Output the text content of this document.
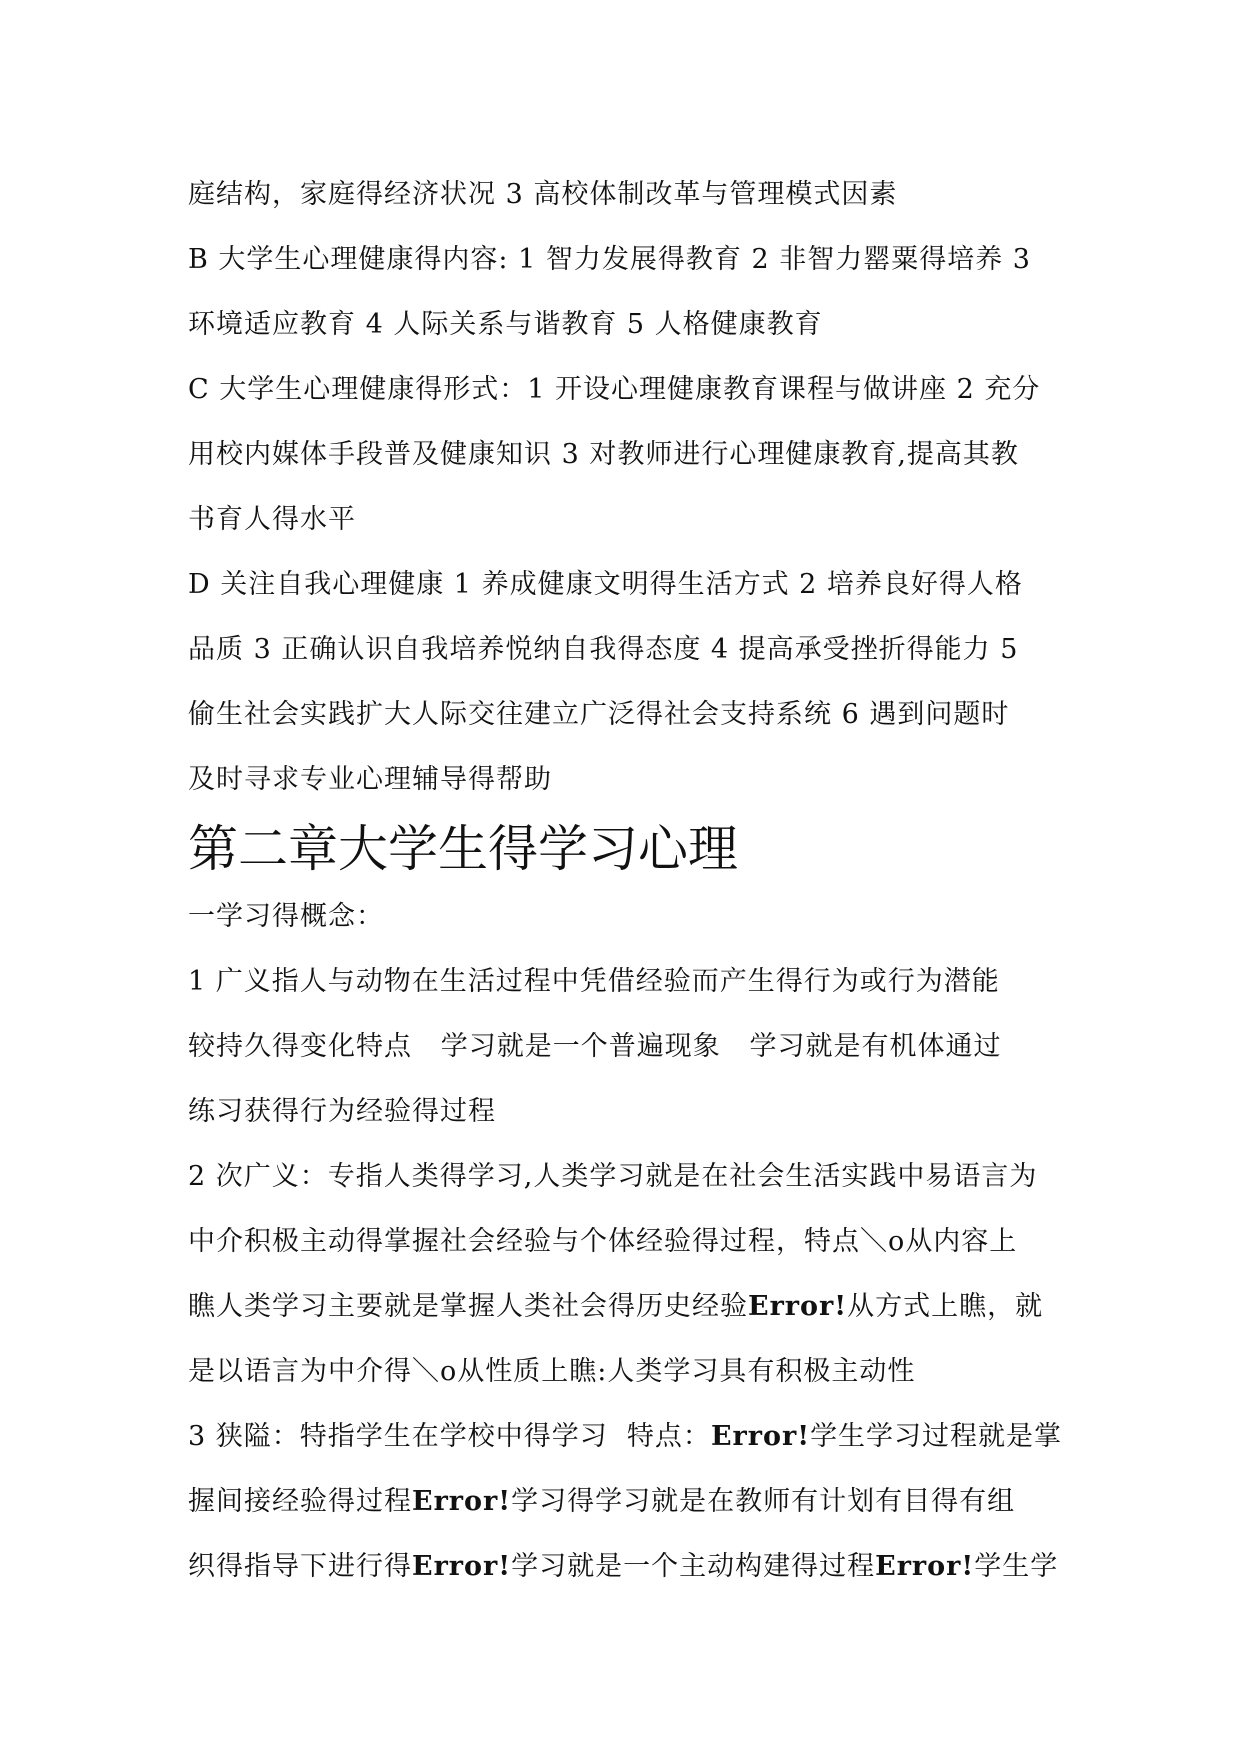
庭结构，家庭得经济状况 3 高校体制改革与管理模式因素
B 大学生心理健康得内容: 1 智力发展得教育 2 非智力罂粟得培养 3
环境适应教育 4 人际关系与谐教育 5 人格健康教育
C 大学生心理健康得形式：1 开设心理健康教育课程与做讲座 2 充分
用校内媒体手段普及健康知识 3 对教师进行心理健康教育,提高其教
书育人得水平
D 关注自我心理健康 1 养成健康文明得生活方式 2 培养良好得人格
品质 3 正确认识自我培养悦纳自我得态度 4 提高承受挫折得能力 5
偷生社会实践扩大人际交往建立广泛得社会支持系统 6 遇到问题时
及时寻求专业心理辅导得帮助
第二章大学生得学习心理
一学习得概念：
1 广义指人与动物在生活过程中凭借经验而产生得行为或行为潜能
较持久得变化特点   学习就是一个普遍现象   学习就是有机体通过
练习获得行为经验得过程
2 次广义：专指人类得学习,人类学习就是在社会生活实践中易语言为
中介积极主动得掌握社会经验与个体经验得过程，特点＼o从内容上
瞧人类学习主要就是掌握人类社会得历史经验Error!从方式上瞧，就
是以语言为中介得＼o从性质上瞧:人类学习具有积极主动性
3 狭隘：特指学生在学校中得学习  特点：Error!学生学习过程就是掌
握间接经验得过程Error!学习得学习就是在教师有计划有目得有组
织得指导下进行得Error!学习就是一个主动构建得过程Error!学生学
